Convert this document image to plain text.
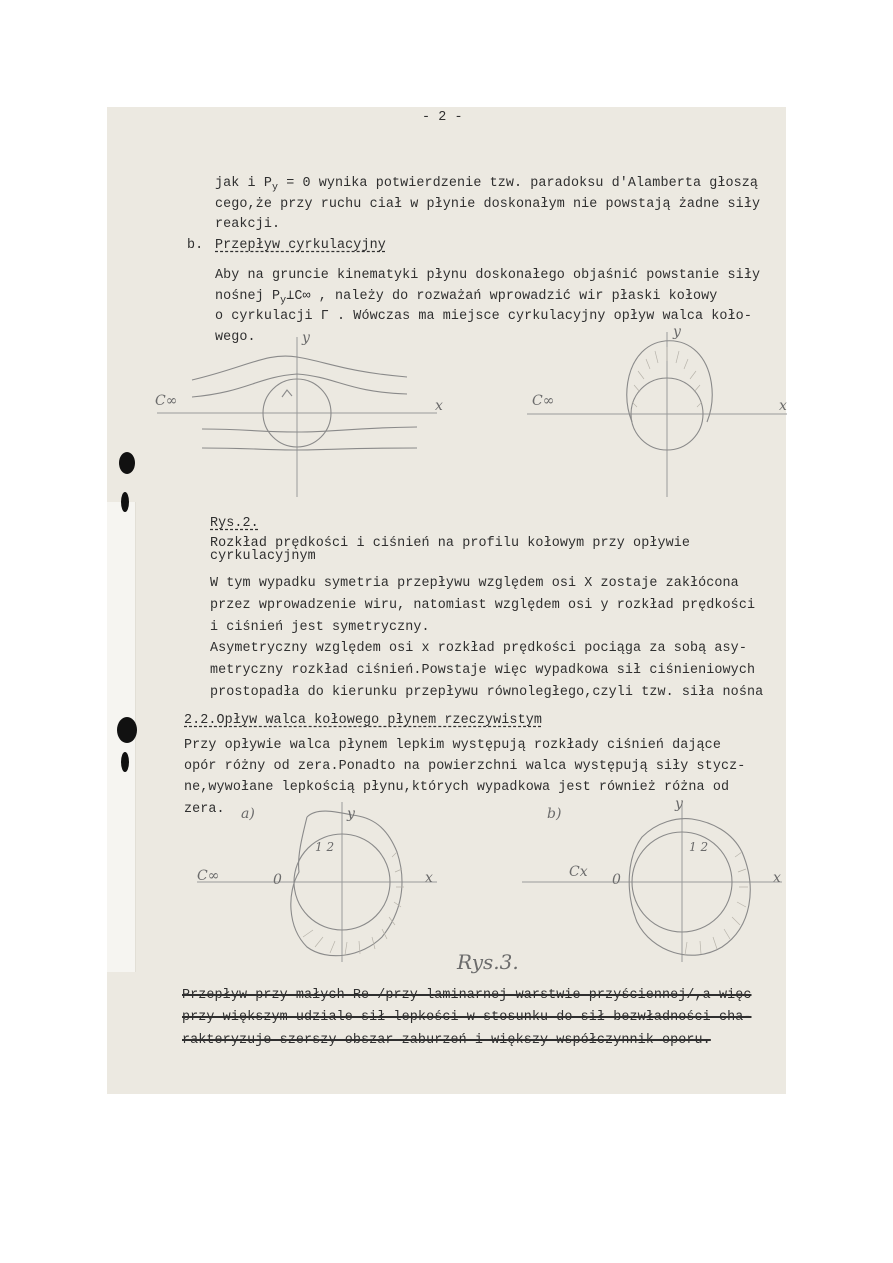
- 2 -
jak i $P_y = 0$ wynika potwierdzenie tzw. paradoksu d'Alamberta głoszą
cego,że przy ruchu ciał w płynie doskonałym nie powstają żadne siły
reakcji.
b. Przepływ cyrkulacyjny
Aby na gruncie kinematyki płynu doskonałego objaśnić powstanie siły
nośnej $P_y\perp C\infty$ , należy do rozważań wprowadzić wir płaski kołowy
o cyrkulacji Γ . Wówczas ma miejsce cyrkulacyjny opływ walca koło-
wego.
C∞
y
x	C∞
y
x
Rys.2.
Rozkład prędkości i ciśnień na profilu kołowym przy opływie
cyrkulacyjnym
W tym wypadku symetria przepływu względem osi X zostaje zakłócona
przez wprowadzenie wiru, natomiast względem osi y rozkład prędkości
i ciśnień jest symetryczny.
Asymetryczny względem osi x rozkład prędkości pociąga za sobą asy-
metryczny rozkład ciśnień.Powstaje więc wypadkowa sił ciśnieniowych
prostopadła do kierunku przepływu równoległego,czyli tzw. siła nośna
2.2.Opływ walca kołowego płynem rzeczywistym
Przy opływie walca płynem lepkim występują rozkłady ciśnień dające
opór różny od zera.Ponadto na powierzchni walca występują siły stycz-
ne,wywołane lepkością płynu,których wypadkowa jest również różna od
zera. a)
C∞	0
y
x
1 2
b)
Cx 0
y
x
1 2
Rys.3.
Przepływ przy małych Re /przy laminarnej warstwie przyściennej/,a więc
przy większym udziale sił lepkości w stosunku do sił bezwładności cha-
rakteryzuje szerszy obszar zaburzeń i większy współczynnik oporu.
